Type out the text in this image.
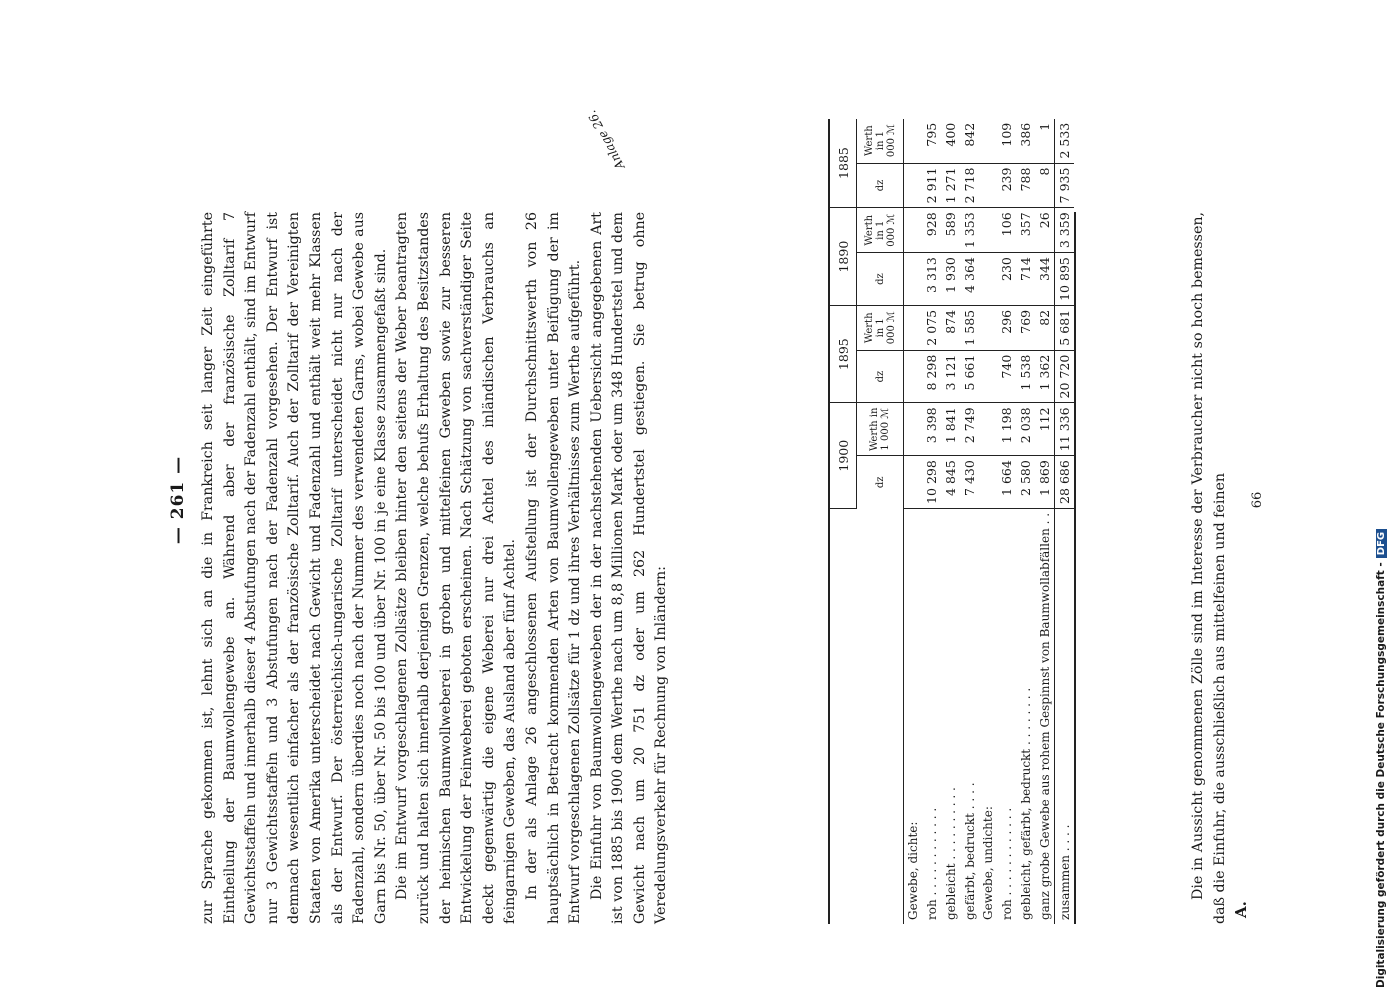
— 261 —
Anlage 26.

zur Sprache gekommen ist, lehnt sich an die in Frankreich seit langer Zeit eingeführte Eintheilung der Baumwollengewebe an. Während aber der französische Zolltarif 7 Gewichtsstaffeln und innerhalb dieser 4 Abstufungen nach der Fadenzahl enthält, sind im Entwurf nur 3 Gewichtsstaffeln und 3 Abstufungen nach der Fadenzahl vorgesehen. Der Entwurf ist demnach wesentlich einfacher als der französische Zolltarif. Auch der Zolltarif der Vereinigten Staaten von Amerika unterscheidet nach Gewicht und Fadenzahl und enthält weit mehr Klassen als der Entwurf. Der österreichisch-ungarische Zolltarif unterscheidet nicht nur nach der Fadenzahl, sondern überdies noch nach der Nummer des verwendeten Garns, wobei Gewebe aus Garn bis Nr. 50, über Nr. 50 bis 100 und über Nr. 100 in je eine Klasse zusammengefaßt sind. Die im Entwurf vorgeschlagenen Zollsätze bleiben hinter den seitens der Weber beantragten zurück und halten sich innerhalb derjenigen Grenzen, welche behufs Erhaltung des Besitzstandes der heimischen Baumwollweberei in groben und mittelfeinen Geweben sowie zur besseren Entwickelung der Feinweberei geboten erscheinen. Nach Schätzung von sachverständiger Seite deckt gegenwärtig die eigene Weberei nur drei Achtel des inländischen Verbrauchs an feingarnigen Geweben, das Ausland aber fünf Achtel. In der als Anlage 26 angeschlossenen Aufstellung ist der Durchschnittswerth von 26 hauptsächlich in Betracht kommenden Arten von Baumwollengeweben unter Beifügung der im Entwurf vorgeschlagenen Zollsätze für 1 dz und ihres Verhältnisses zum Werthe aufgeführt. Die Einfuhr von Baumwollengeweben der in der nachstehenden Uebersicht angegebenen Art ist von 1885 bis 1900 dem Werthe nach um 8,8 Millionen Mark oder um 348 Hundertstel und dem Gewicht nach um 20 751 dz oder um 262 Hundertstel gestiegen. Sie betrug ohne Veredelungsverkehr für Rechnung von Inländern:

	1900		1895		1890		1885	
	dz	Werth in 1 000 ℳ	dz	Werth in 1 000 ℳ	dz	Werth in 1 000 ℳ	dz	Werth in 1 000 ℳ
Gewebe, dichte:								
roh . . . . . . . . . . . .	10 298	3 398	8 298	2 075	3 313	928	2 911	795
gebleicht . . . . . . . . . .	4 845	1 841	3 121	874	1 930	589	1 271	400
gefärbt, bedruckt . . . .	7 430	2 749	5 661	1 585	4 364	1 353	2 718	842
Gewebe, undichte:								
roh . . . . . . . . . . . .	1 664	1 198	740	296	230	106	239	109
gebleicht, gefärbt, bedruckt . . . . . . . .	2 580	2 038	1 538	769	714	357	788	386
ganz grobe Gewebe aus rohem Gespinnst von Baumwollabfällen . .	1 869	112	1 362	82	344	26	8	1
zusammen . . . .	28 686	11 336	20 720	5 681	10 895	3 359	7 935	2 533

Die in Aussicht genommenen Zölle sind im Interesse der Verbraucher nicht so hoch bemessen, daß die Einfuhr, die ausschließlich aus mittelfeinen und feinen A.
66
Digitalisierung gefördert durch die Deutsche Forschungsgemeinschaft -DFG
